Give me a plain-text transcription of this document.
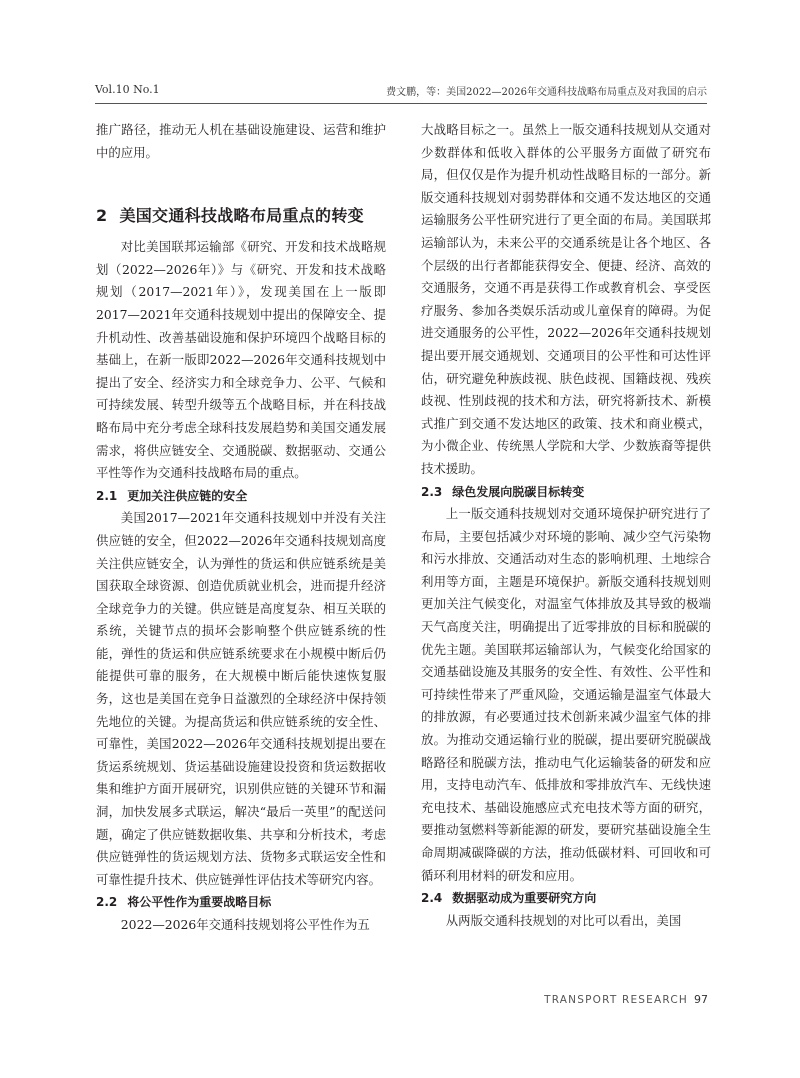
Vol.10 No.1	费文鹏，等：美国2022—2026年交通科技战略布局重点及对我国的启示

推广路径，推动无人机在基础设施建设、运营和维护中的应用。

2 美国交通科技战略布局重点的转变

对比美国联邦运输部《研究、开发和技术战略规划（2022—2026年）》与《研究、开发和技术战略规划（2017—2021年）》，发现美国在上一版即2017—2021年交通科技规划中提出的保障安全、提升机动性、改善基础设施和保护环境四个战略目标的基础上，在新一版即2022—2026年交通科技规划中提出了安全、经济实力和全球竞争力、公平、气候和可持续发展、转型升级等五个战略目标，并在科技战略布局中充分考虑全球科技发展趋势和美国交通发展需求，将供应链安全、交通脱碳、数据驱动、交通公平性等作为交通科技战略布局的重点。

2.1 更加关注供应链的安全

美国2017—2021年交通科技规划中并没有关注供应链的安全，但2022—2026年交通科技规划高度关注供应链安全，认为弹性的货运和供应链系统是美国获取全球资源、创造优质就业机会，进而提升经济全球竞争力的关键。供应链是高度复杂、相互关联的系统，关键节点的损坏会影响整个供应链系统的性能，弹性的货运和供应链系统要求在小规模中断后仍能提供可靠的服务，在大规模中断后能快速恢复服务，这也是美国在竞争日益激烈的全球经济中保持领先地位的关键。为提高货运和供应链系统的安全性、可靠性，美国2022—2026年交通科技规划提出要在货运系统规划、货运基础设施建设投资和货运数据收集和维护方面开展研究，识别供应链的关键环节和漏洞，加快发展多式联运，解决“最后一英里”的配送问题，确定了供应链数据收集、共享和分析技术，考虑供应链弹性的货运规划方法、货物多式联运安全性和可靠性提升技术、供应链弹性评估技术等研究内容。

2.2 将公平性作为重要战略目标

2022—2026年交通科技规划将公平性作为五

大战略目标之一。虽然上一版交通科技规划从交通对少数群体和低收入群体的公平服务方面做了研究布局，但仅仅是作为提升机动性战略目标的一部分。新版交通科技规划对弱势群体和交通不发达地区的交通运输服务公平性研究进行了更全面的布局。美国联邦运输部认为，未来公平的交通系统是让各个地区、各个层级的出行者都能获得安全、便捷、经济、高效的交通服务，交通不再是获得工作或教育机会、享受医疗服务、参加各类娱乐活动或儿童保育的障碍。为促进交通服务的公平性，2022—2026年交通科技规划提出要开展交通规划、交通项目的公平性和可达性评估，研究避免种族歧视、肤色歧视、国籍歧视、残疾歧视、性别歧视的技术和方法，研究将新技术、新模式推广到交通不发达地区的政策、技术和商业模式，为小微企业、传统黑人学院和大学、少数族裔等提供技术援助。

2.3 绿色发展向脱碳目标转变

上一版交通科技规划对交通环境保护研究进行了布局，主要包括减少对环境的影响、减少空气污染物和污水排放、交通活动对生态的影响机理、土地综合利用等方面，主题是环境保护。新版交通科技规划则更加关注气候变化，对温室气体排放及其导致的极端天气高度关注，明确提出了近零排放的目标和脱碳的优先主题。美国联邦运输部认为，气候变化给国家的交通基础设施及其服务的安全性、有效性、公平性和可持续性带来了严重风险，交通运输是温室气体最大的排放源，有必要通过技术创新来减少温室气体的排放。为推动交通运输行业的脱碳，提出要研究脱碳战略路径和脱碳方法，推动电气化运输装备的研发和应用，支持电动汽车、低排放和零排放汽车、无线快速充电技术、基础设施感应式充电技术等方面的研究，要推动氢燃料等新能源的研发，要研究基础设施全生命周期减碳降碳的方法，推动低碳材料、可回收和可循环利用材料的研发和应用。

2.4 数据驱动成为重要研究方向

从两版交通科技规划的对比可以看出，美国

TRANSPORT RESEARCH 97
